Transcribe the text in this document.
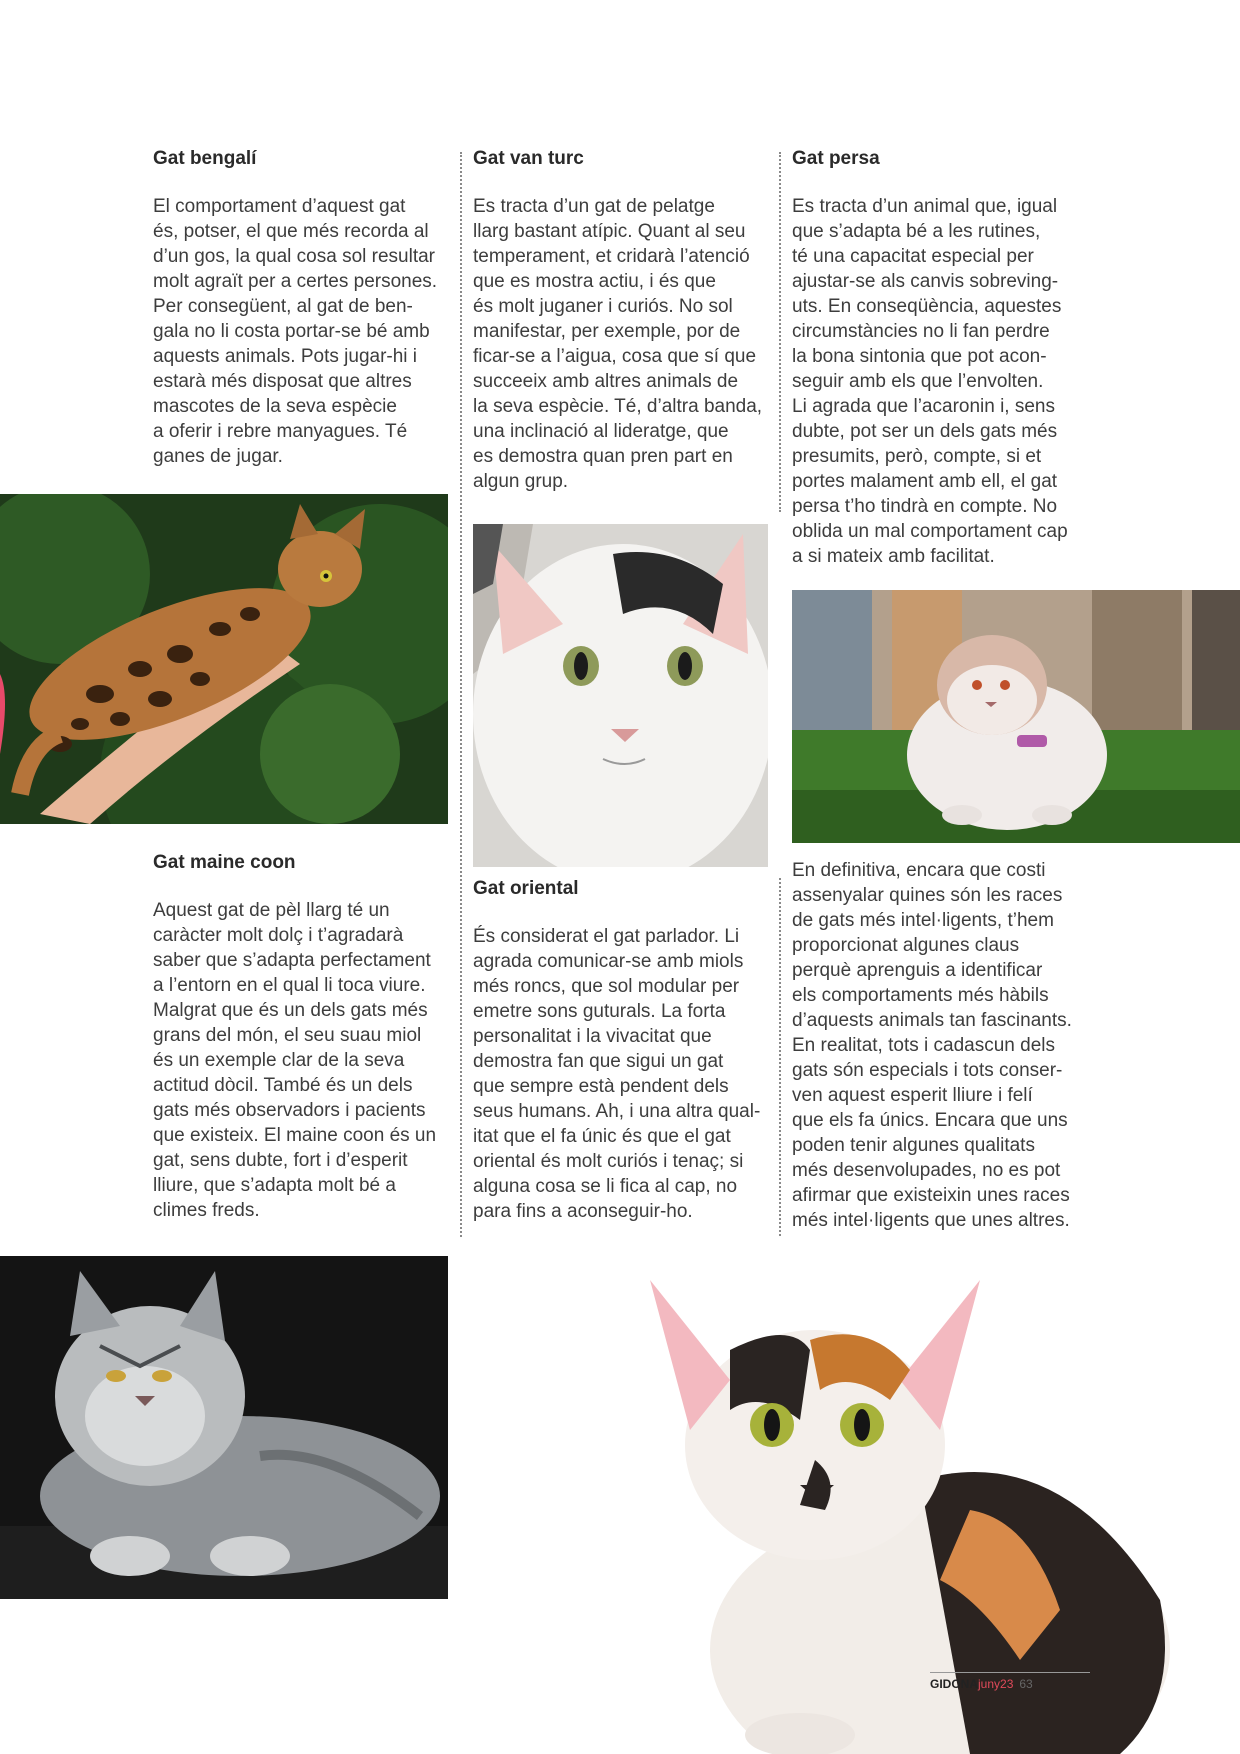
Gat bengalí

El comportament d’aquest gat
és, potser, el que més recorda al
d’un gos, la qual cosa sol resultar
molt agraït per a certes persones.
Per consegüent, al gat de ben-
gala no li costa portar-se bé amb
aquests animals. Pots jugar-hi i
estarà més disposat que altres
mascotes de la seva espècie
a oferir i rebre manyagues. Té
ganes de jugar.

Gat maine coon

Aquest gat de pèl llarg té un
caràcter molt dolç i t’agradarà
saber que s’adapta perfectament
a l’entorn en el qual li toca viure.
Malgrat que és un dels gats més
grans del món, el seu suau miol
és un exemple clar de la seva
actitud dòcil. També és un dels
gats més observadors i pacients
que existeix. El maine coon és un
gat, sens dubte, fort i d’esperit
lliure, que s’adapta molt bé a
climes freds.

Gat van turc

Es tracta d’un gat de pelatge
llarg bastant atípic. Quant al seu
temperament, et cridarà l’atenció
que es mostra actiu, i és que
és molt juganer i curiós. No sol
manifestar, per exemple, por de
ficar-se a l’aigua, cosa que sí que
succeeix amb altres animals de
la seva espècie. Té, d’altra banda,
una inclinació al lideratge, que
es demostra quan pren part en
algun grup.

Gat oriental

És considerat el gat parlador. Li
agrada comunicar-se amb miols
més roncs, que sol modular per
emetre sons guturals. La forta
personalitat i la vivacitat que
demostra fan que sigui un gat
que sempre està pendent dels
seus humans. Ah, i una altra qual-
itat que el fa únic és que el gat
oriental és molt curiós i tenaç; si
alguna cosa se li fica al cap, no
para fins a aconseguir-ho.

Gat persa

Es tracta d’un animal que, igual
que s’adapta bé a les rutines,
té una capacitat especial per
ajustar-se als canvis sobreving-
uts. En conseqüència, aquestes
circumstàncies no li fan perdre
la bona sintonia que pot acon-
seguir amb els que l’envolten.
Li agrada que l’acaronin i, sens
dubte, pot ser un dels gats més
presumits, però, compte, si et
portes malament amb ell, el gat
persa t’ho tindrà en compte. No
oblida un mal comportament cap
a si mateix amb facilitat.

En definitiva, encara que costi
assenyalar quines són les races
de gats més intel·ligents, t’hem
proporcionat algunes claus
perquè aprenguis a identificar
els comportaments més hàbils
d’aquests animals tan fascinants.
En realitat, tots i cadascun dels
gats són especials i tots conser-
ven aquest esperit lliure i felí
que els fa únics. Encara que uns
poden tenir algunes qualitats
més desenvolupades, no es pot
afirmar que existeixin unes races
més intel·ligents que unes altres.

GIDONAjuny23 63
